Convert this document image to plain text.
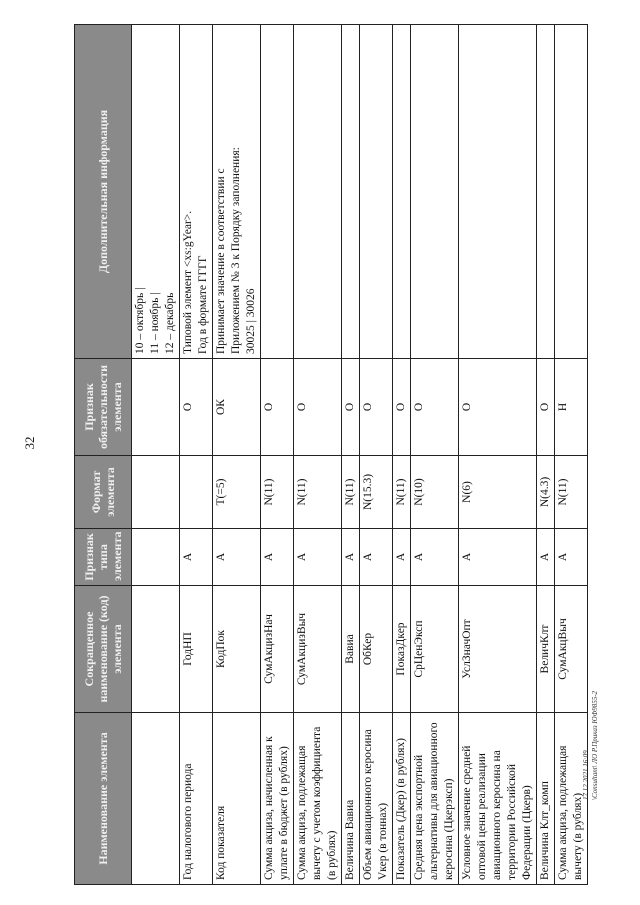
32
17.12.2021 16:09 \Consultant\ ЛО Р.Приказ ЮФ9855-2
Наименование элемента	Сокращенное наименование (код) элемента	Признак типа элемента	Формат элемента	Признак обязательности элемента	Дополнительная информация

					10 – октябрь | 11 – ноябрь | 12 – декабрь

Год налогового периода	ГодНП	А		О	Типовой элемент <xs:gYear>. Год в формате ГГГГ

Код показателя	КодПок	А	T(=5)	ОК	Принимает значение в соответствии с Приложением № 3 к Порядку заполнения: 30025 | 30026

Сумма акциза, начисленная к уплате в бюджет (в рублях)	СумАкцизНач	А	N(11)	О	
Сумма акциза, подлежащая вычету с учетом коэффициента (в рублях)	СумАкцизВыч	А	N(11)	О	
Величина Вавиа	Вавиа	А	N(11)	О	
Объем авиационного керосина Vкер (в тоннах)	ОбКер	А	N(15.3)	О	
Показатель (Дкер) (в рублях)	ПоказДкер	А	N(11)	О	
Средняя цена экспортной альтернативы для авиационного керосина (Цкерэксп)	СрЦенЭксп	А	N(10)	О	
Условное значение средней оптовой цены реализации авиационного керосина на территории Российской Федерации (Цкерв)	УслЗначОпт	А	N(6)	О	
Величина Клт_комп	ВеличКлт	А	N(4.3)	О	
Сумма акциза, подлежащая вычету (в рублях)	СумАкцВыч	А	N(11)	Н	
